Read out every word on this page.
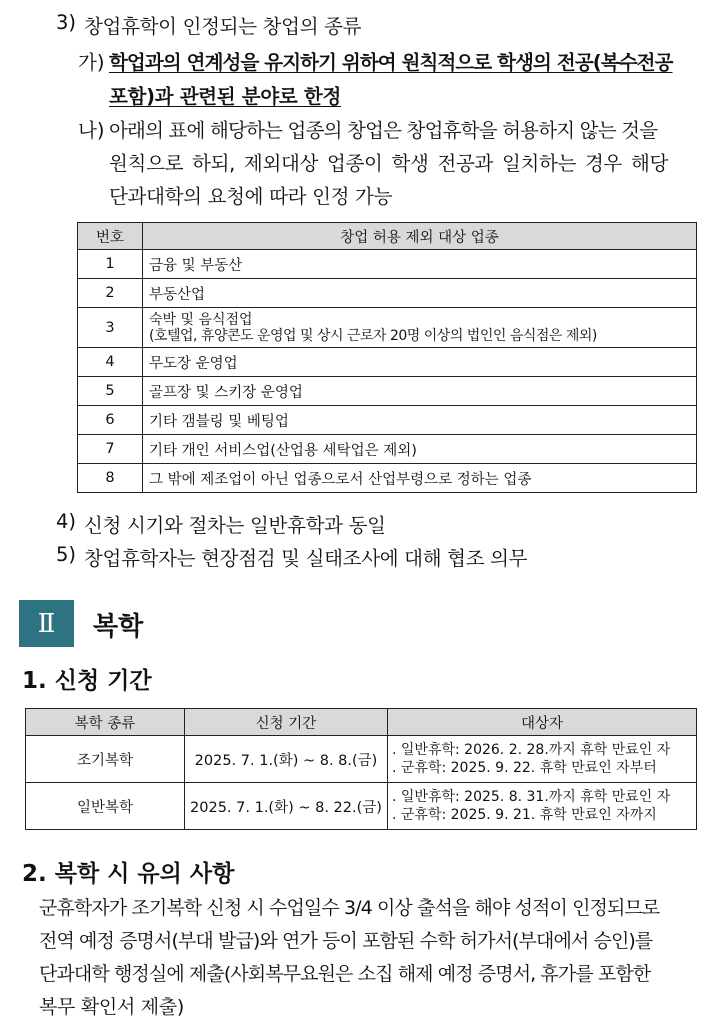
3) 창업휴학이 인정되는 창업의 종류
가) 학업과의 연계성을 유지하기 위하여 원칙적으로 학생의 전공(복수전공
포함)과 관련된 분야로 한정
나) 아래의 표에 해당하는 업종의 창업은 창업휴학을 허용하지 않는 것을
원칙으로 하되, 제외대상 업종이 학생 전공과 일치하는 경우 해당
단과대학의 요청에 따라 인정 가능
번호	창업 허용 제외 대상 업종
1	금융 및 부동산
2	부동산업
3	숙박 및 음식점업
(호텔업, 휴양콘도 운영업 및 상시 근로자 20명 이상의 법인인 음식점은 제외)

4	무도장 운영업
5	골프장 및 스키장 운영업
6	기타 갬블링 및 베팅업
7	기타 개인 서비스업(산업용 세탁업은 제외)
8	그 밖에 제조업이 아닌 업종으로서 산업부령으로 정하는 업종
4) 신청 시기와 절차는 일반휴학과 동일
5) 창업휴학자는 현장점검 및 실태조사에 대해 협조 의무
Ⅱ	복학
1. 신청 기간
복학 종류	신청 기간	대상자
조기복학	2025. 7. 1.(화) ~ 8. 8.(금)	. 일반휴학: 2026. 2. 28.까지 휴학 만료인 자
. 군휴학: 2025. 9. 22. 휴학 만료인 자부터

일반복학	2025. 7. 1.(화) ~ 8. 22.(금)	. 일반휴학: 2025. 8. 31.까지 휴학 만료인 자
. 군휴학: 2025. 9. 21. 휴학 만료인 자까지
2. 복학 시 유의 사항
군휴학자가 조기복학 신청 시 수업일수 3/4 이상 출석을 해야 성적이 인정되므로
전역 예정 증명서(부대 발급)와 연가 등이 포함된 수학 허가서(부대에서 승인)를
단과대학 행정실에 제출(사회복무요원은 소집 해제 예정 증명서, 휴가를 포함한
복무 확인서 제출)
